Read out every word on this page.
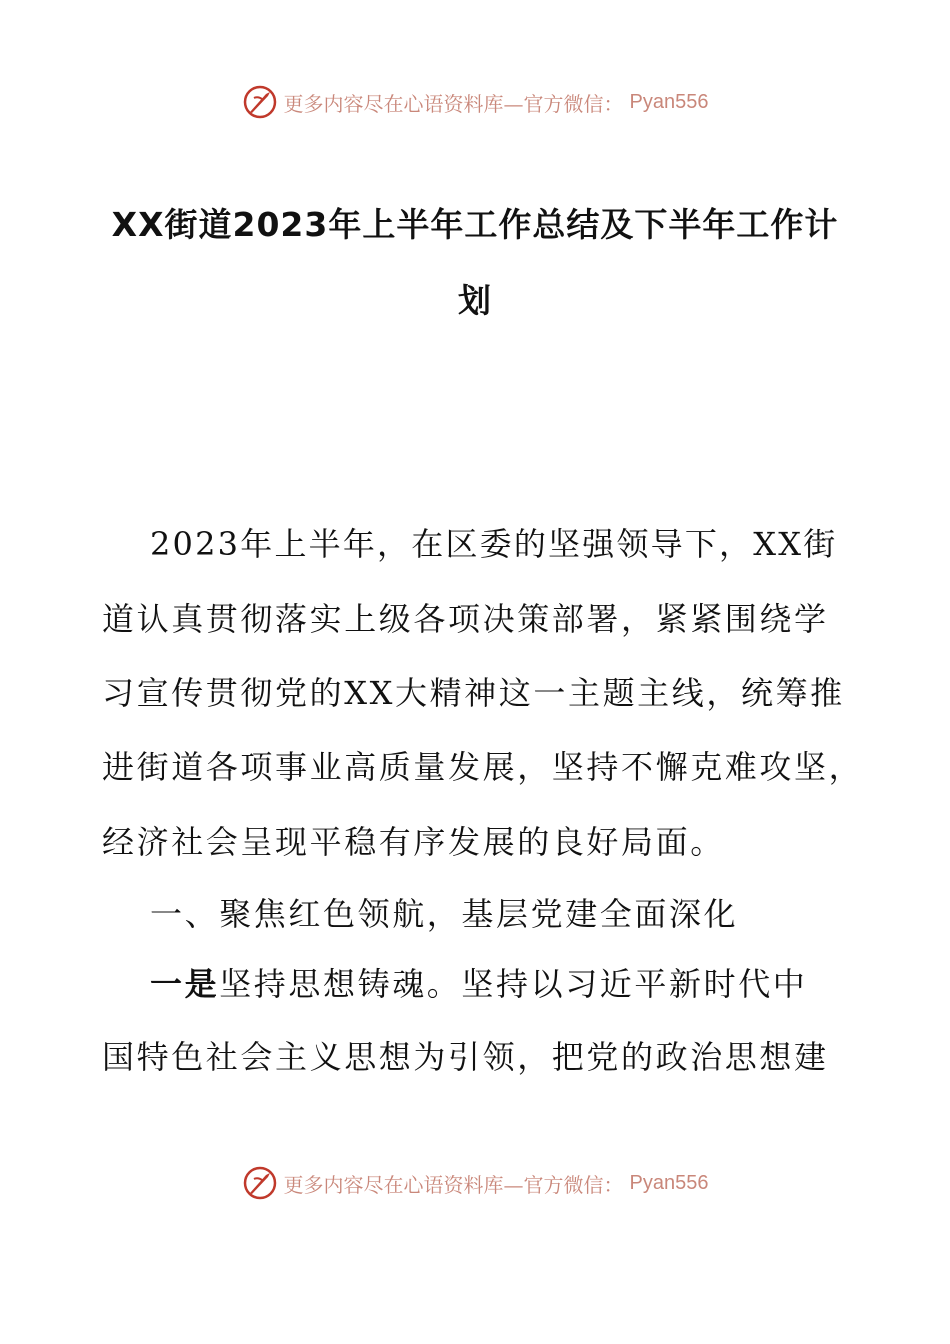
更多内容尽在心语资料库—官方微信： Pyan556
XX街道2023年上半年工作总结及下半年工作计
划
2023年上半年，在区委的坚强领导下，XX街
道认真贯彻落实上级各项决策部署，紧紧围绕学
习宣传贯彻党的XX大精神这一主题主线，统筹推
进街道各项事业高质量发展，坚持不懈克难攻坚，
经济社会呈现平稳有序发展的良好局面。
一、聚焦红色领航，基层党建全面深化
一是坚持思想铸魂。坚持以习近平新时代中
国特色社会主义思想为引领，把党的政治思想建
更多内容尽在心语资料库—官方微信： Pyan556
